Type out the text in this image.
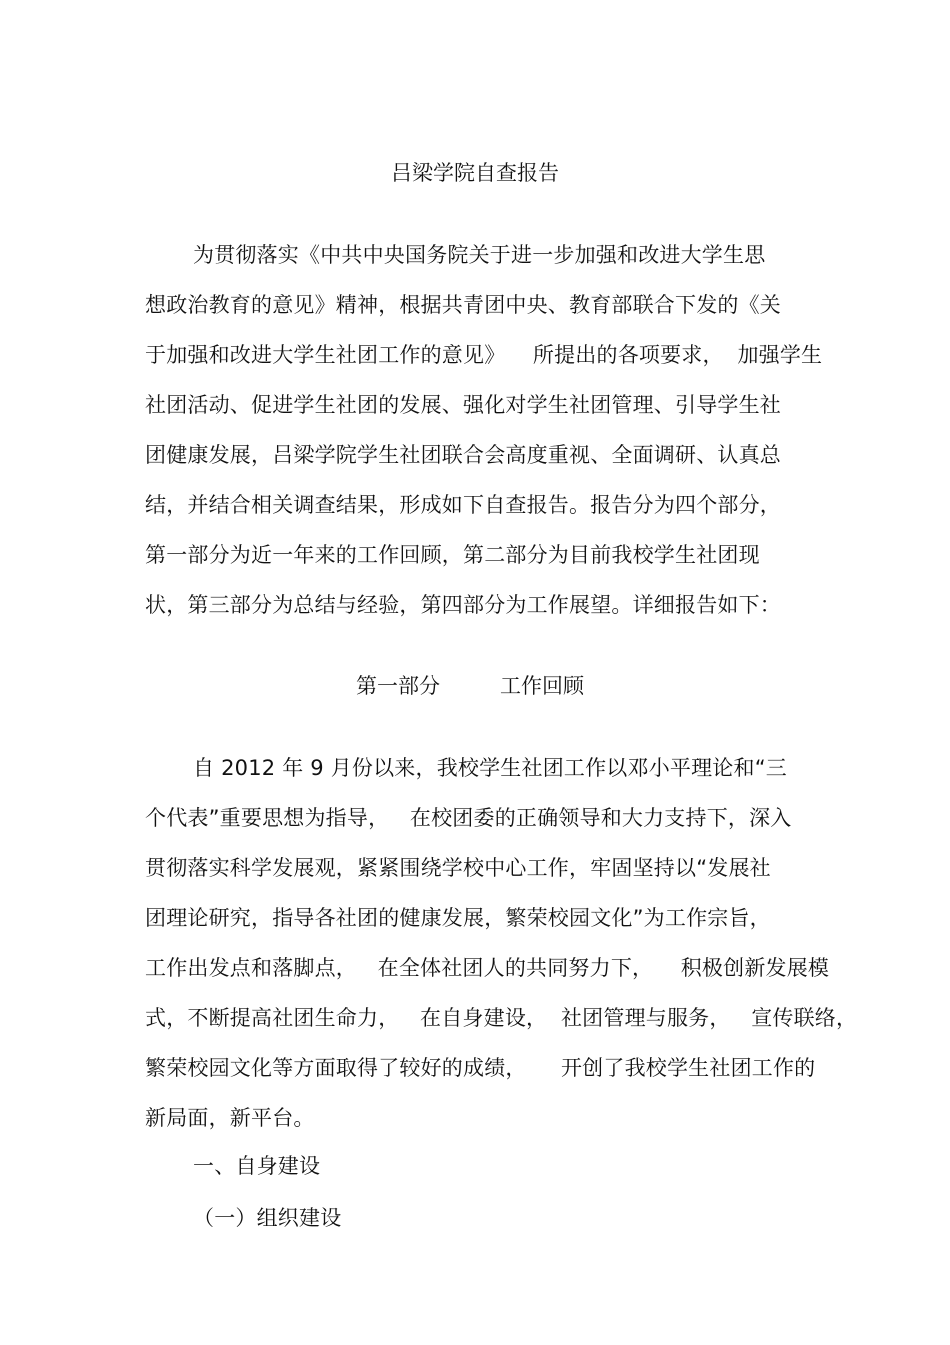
吕梁学院自查报告
为贯彻落实《中共中央国务院关于进一步加强和改进大学生思
想政治教育的意见》精神，根据共青团中央、教育部联合下发的《关
于加强和改进大学生社团工作的意见》    所提出的各项要求，  加强学生
社团活动、促进学生社团的发展、强化对学生社团管理、引导学生社
团健康发展，吕梁学院学生社团联合会高度重视、全面调研、认真总
结，并结合相关调查结果，形成如下自查报告。报告分为四个部分，
第一部分为近一年来的工作回顾，第二部分为目前我校学生社团现
状，第三部分为总结与经验，第四部分为工作展望。详细报告如下：
第一部分	工作回顾
自 2012 年 9 月份以来，我校学生社团工作以邓小平理论和“三
个代表”重要思想为指导，   在校团委的正确领导和大力支持下，深入
贯彻落实科学发展观，紧紧围绕学校中心工作，牢固坚持以“发展社
团理论研究，指导各社团的健康发展，繁荣校园文化”为工作宗旨，
工作出发点和落脚点，   在全体社团人的共同努力下，    积极创新发展模
式，不断提高社团生命力，   在自身建设，  社团管理与服务，   宣传联络，
繁荣校园文化等方面取得了较好的成绩，     开创了我校学生社团工作的
新局面，新平台。
一、自身建设
（一）组织建设
